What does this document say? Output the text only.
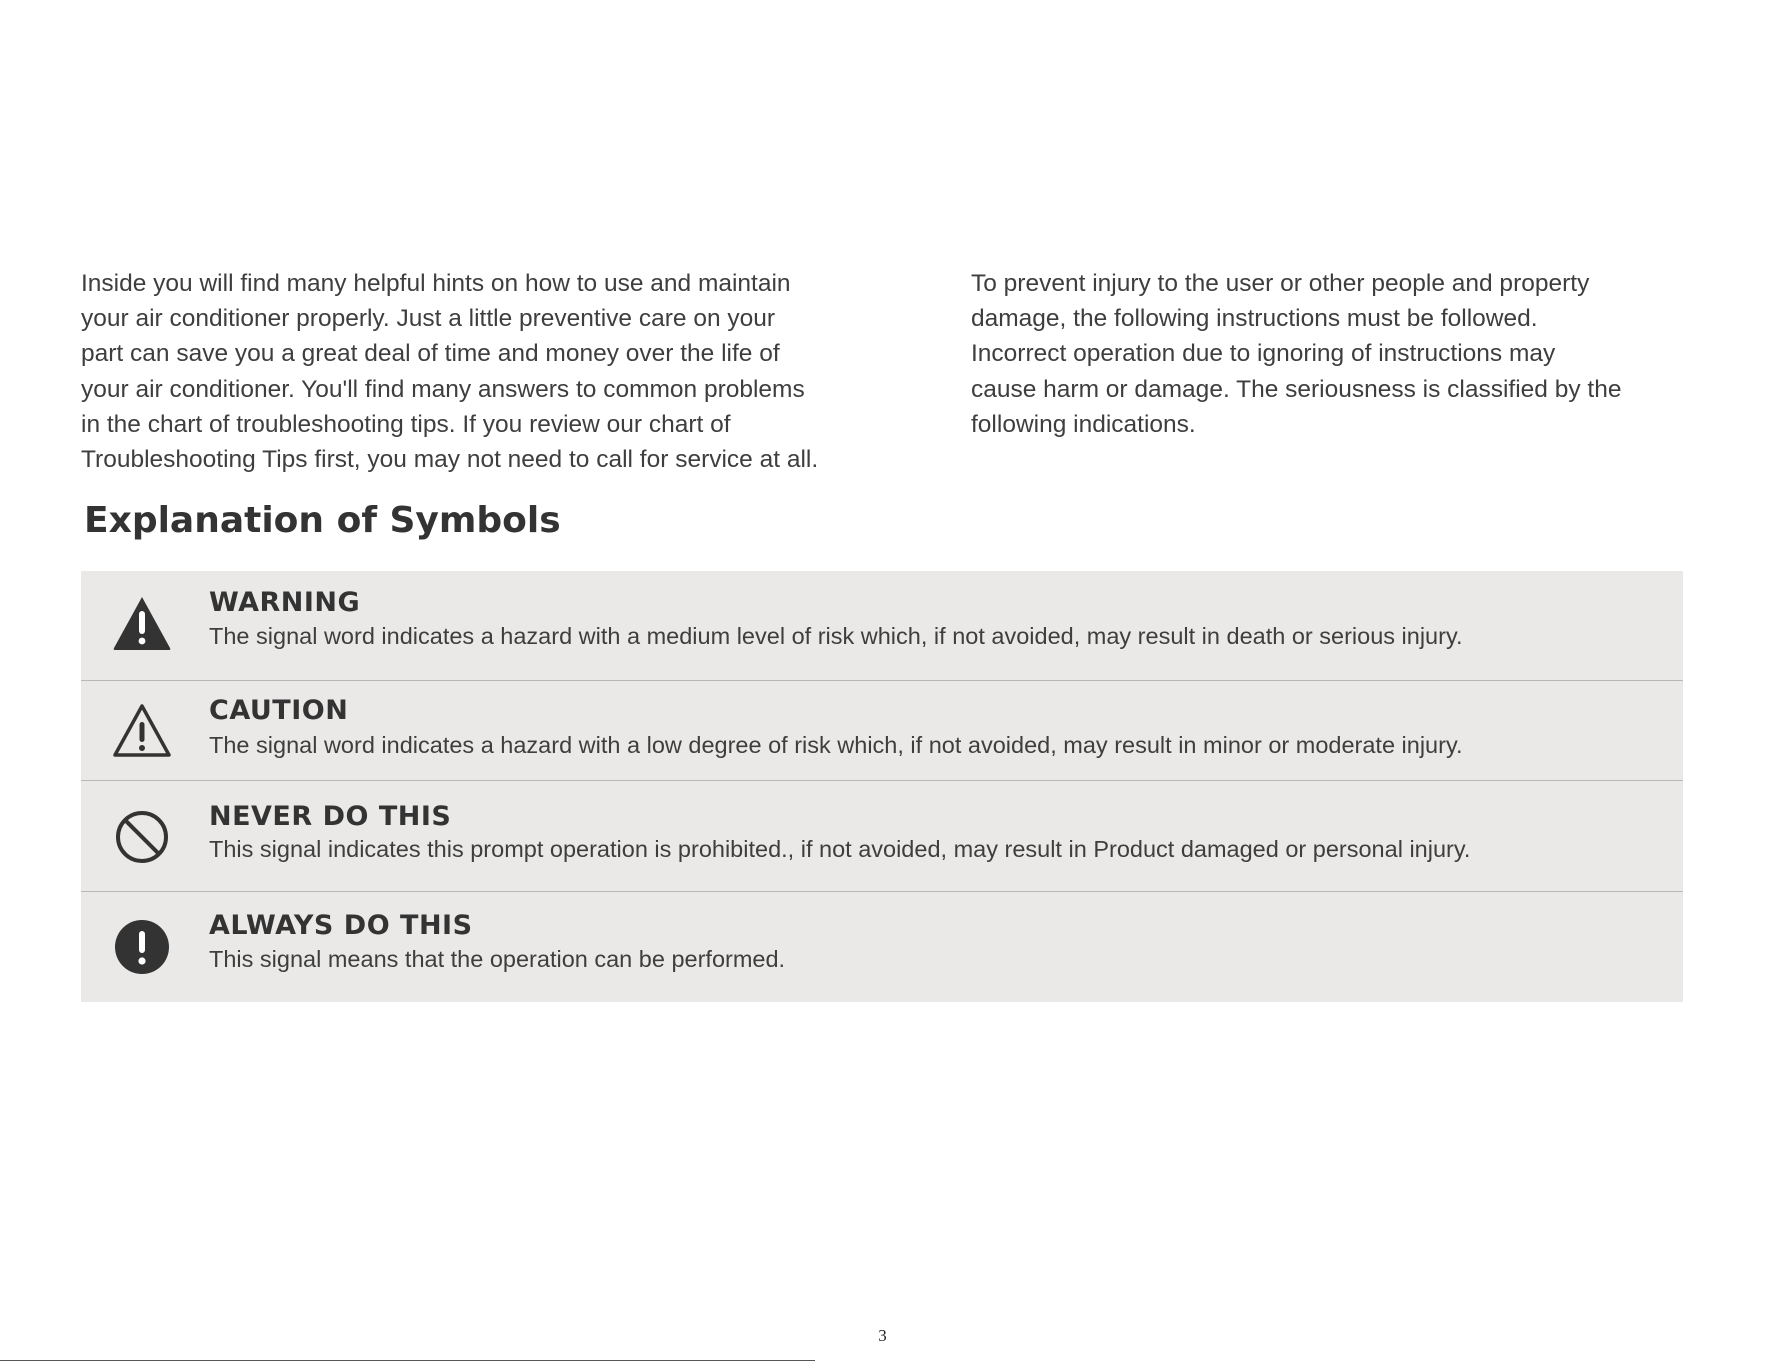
Inside you will find many helpful hints on how to use and maintain
your air conditioner properly. Just a little preventive care on your
part can save you a great deal of time and money over the life of
your air conditioner. You'll find many answers to common problems
in the chart of troubleshooting tips. If you review our chart of
Troubleshooting Tips first, you may not need to call for service at all.
To prevent injury to the user or other people and property
damage, the following instructions must be followed.
Incorrect operation due to ignoring of instructions may
cause harm or damage. The seriousness is classified by the
following indications.
Explanation of Symbols
WARNING
The signal word indicates a hazard with a medium level of risk which, if not avoided, may result in death or serious injury.
CAUTION
The signal word indicates a hazard with a low degree of risk which, if not avoided, may result in minor or moderate injury.
NEVER DO THIS
This signal indicates this prompt operation is prohibited., if not avoided, may result in Product damaged or personal injury.
ALWAYS DO THIS
This signal means that the operation can be performed.
3
